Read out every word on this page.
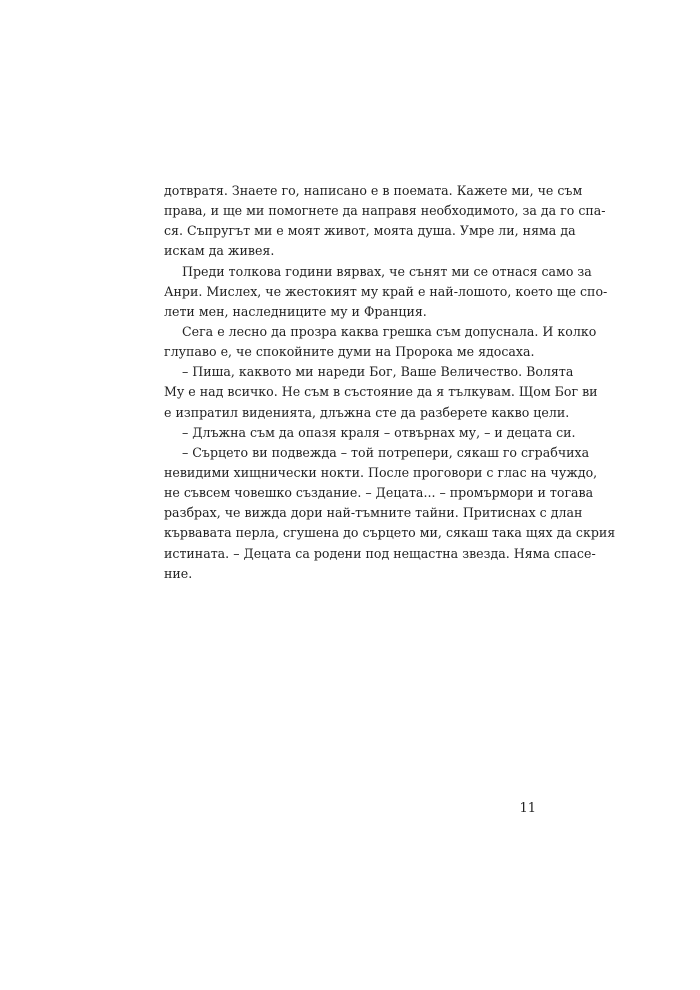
дотвратя. Знаете го, написано е в поемата. Кажете ми, че съм
права, и ще ми помогнете да направя необходимото, за да го спа-
ся. Съпругът ми е моят живот, моята душа. Умре ли, няма да
искам да живея.
Преди толкова години вярвах, че сънят ми се отнася само за
Анри. Мислех, че жестокият му край е най-лошото, което ще спо-
лети мен, наследниците му и Франция.
Сега е лесно да прозра каква грешка съм допуснала. И колко
глупаво е, че спокойните думи на Пророка ме ядосаха.
– Пиша, каквото ми нареди Бог, Ваше Величество. Волята
Му е над всичко. Не съм в състояние да я тълкувам. Щом Бог ви
е изпратил виденията, длъжна сте да разберете какво цели.
– Длъжна съм да опазя краля – отвърнах му, – и децата си.
– Сърцето ви подвежда – той потрепери, сякаш го сграбчиха
невидими хищнически нокти. После проговори с глас на чуждо,
не съвсем човешко създание. – Децата... – промърмори и тогава
разбрах, че вижда дори най-тъмните тайни. Притиснах с длан
кървавата перла, сгушена до сърцето ми, сякаш така щях да скрия
истината. – Децата са родени под нещастна звезда. Няма спасе-
ние.
11
